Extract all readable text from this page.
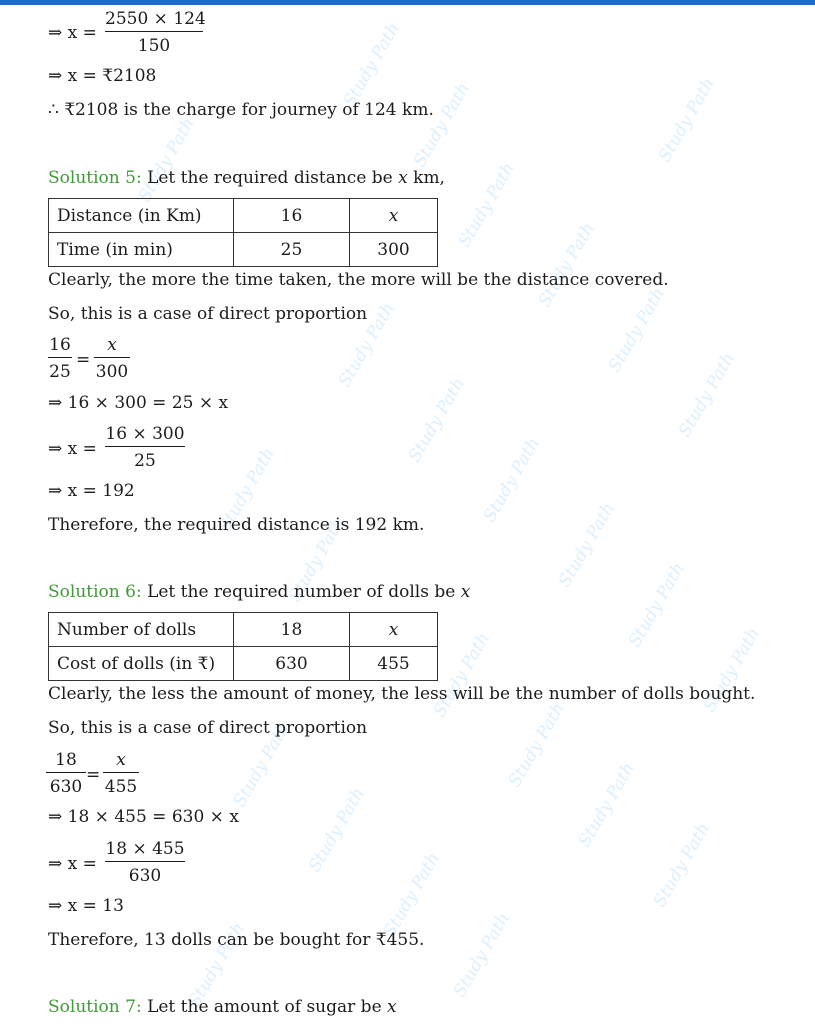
Study Path
Study Path	Study Path
Study Path
Study Path
Study Path
Study Path
Study Path
Study Path
Study Path
Study Path
Study Path
Study Path
Study Path
Study Path
Study Path
Study Path
Study Path
Study Path
Study Path
Study Path
Study Path
Study Path
Study Path
Study Path
⇒ x =
2550 × 124
150
⇒ x = ₹2108
∴ ₹2108 is the charge for journey of 124 km.
Solution 5: Let the required distance be x km,
Distance (in Km)	16	x
Time (in min)	25	300
Clearly, the more the time taken, the more will be the distance covered.
So, this is a case of direct proportion
16
25
=
x
300
⇒ 16 × 300 = 25 × x
⇒ x =
16 × 300
25
⇒ x = 192
Therefore, the required distance is 192 km.
Solution 6: Let the required number of dolls be x
Number of dolls	18	x
Cost of dolls (in ₹)	630	455
Clearly, the less the amount of money, the less will be the number of dolls bought.
So, this is a case of direct proportion
18
630
=
x
455
⇒ 18 × 455 = 630 × x
⇒ x =
18 × 455
630
⇒ x = 13
Therefore, 13 dolls can be bought for ₹455.
Solution 7: Let the amount of sugar be x
